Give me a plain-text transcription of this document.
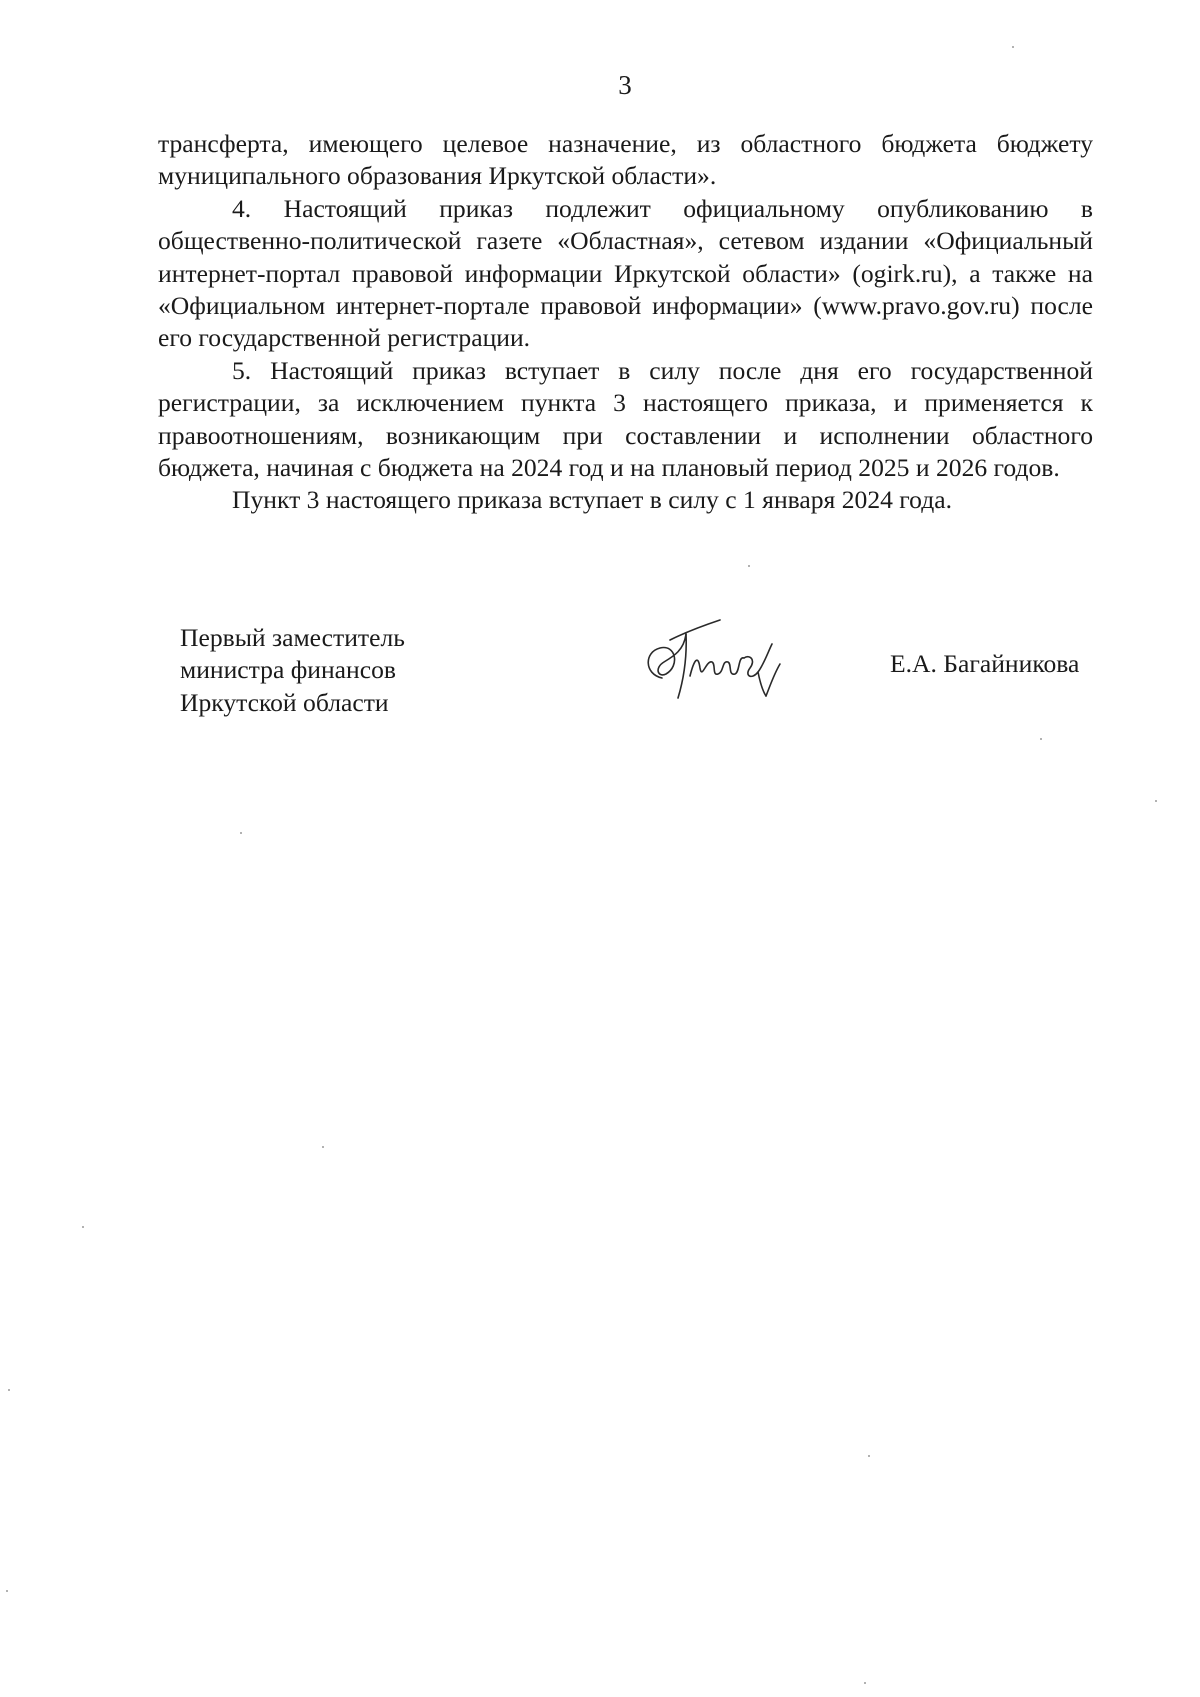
3

трансферта, имеющего целевое назначение, из областного бюджета бюджету муниципального образования Иркутской области».

4. Настоящий приказ подлежит официальному опубликованию в общественно-политической газете «Областная», сетевом издании «Официальный интернет-портал правовой информации Иркутской области» (ogirk.ru), а также на «Официальном интернет-портале правовой информации» (www.pravo.gov.ru) после его государственной регистрации.

5. Настоящий приказ вступает в силу после дня его государственной регистрации, за исключением пункта 3 настоящего приказа, и применяется к правоотношениям, возникающим при составлении и исполнении областного бюджета, начиная с бюджета на 2024 год и на плановый период 2025 и 2026 годов.

Пункт 3 настоящего приказа вступает в силу с 1 января 2024 года.

Первый заместитель
министра финансов
Иркутской области
Е.А. Багайникова
